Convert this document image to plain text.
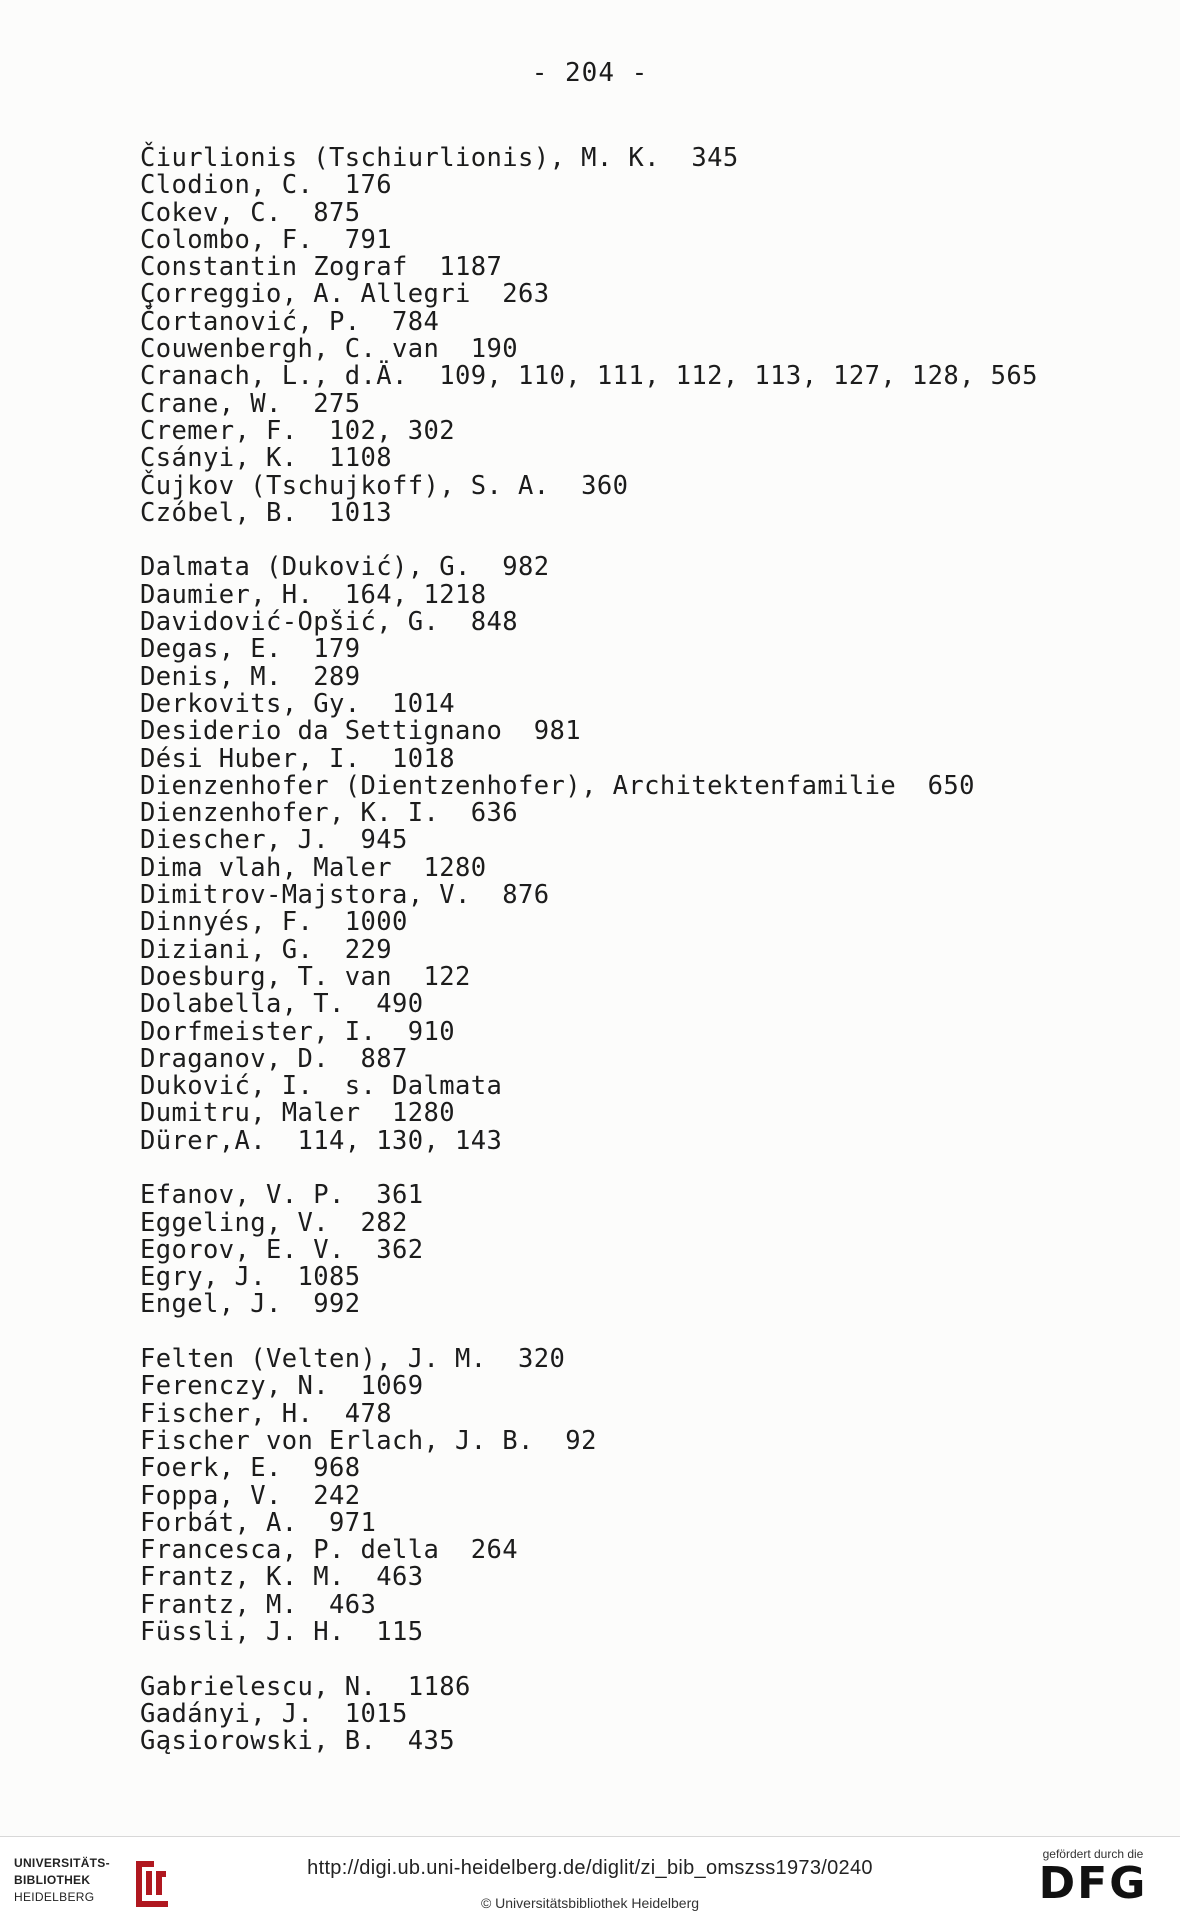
- 204 -
Čiurlionis (Tschiurlionis), M. K.  345
Clodion, C.  176
Cokev, C.  875
Colombo, F.  791
Constantin Zograf  1187
Çorreggio, A. Allegri  263
Čortanović, P.  784
Couwenbergh, C. van  190
Cranach, L., d.Ä.  109, 110, 111, 112, 113, 127, 128, 565
Crane, W.  275
Cremer, F.  102, 302
Csányi, K.  1108
Čujkov (Tschujkoff), S. A.  360
Czóbel, B.  1013
Dalmata (Duković), G.  982
Daumier, H.  164, 1218
Davidović-Opšić, G.  848
Degas, E.  179
Denis, M.  289
Derkovits, Gy.  1014
Desiderio da Settignano  981
Dési Huber, I.  1018
Dienzenhofer (Dientzenhofer), Architektenfamilie  650
Dienzenhofer, K. I.  636
Diescher, J.  945
Dima vlah, Maler  1280
Dimitrov-Majstora, V.  876
Dinnyés, F.  1000
Diziani, G.  229
Doesburg, T. van  122
Dolabella, T.  490
Dorfmeister, I.  910
Draganov, D.  887
Duković, I.  s. Dalmata
Dumitru, Maler  1280
Dürer,A.  114, 130, 143
Efanov, V. P.  361
Eggeling, V.  282
Egorov, E. V.  362
Egry, J.  1085
Engel, J.  992
Felten (Velten), J. M.  320
Ferenczy, N.  1069
Fischer, H.  478
Fischer von Erlach, J. B.  92
Foerk, E.  968
Foppa, V.  242
Forbát, A.  971
Francesca, P. della  264
Frantz, K. M.  463
Frantz, M.  463
Füssli, J. H.  115
Gabrielescu, N.  1186
Gadányi, J.  1015
Gąsiorowski, B.  435
UNIVERSITÄTS-
BIBLIOTHEK
HEIDELBERG
http://digi.ub.uni-heidelberg.de/diglit/zi_bib_omszss1973/0240
© Universitätsbibliothek Heidelberg
gefördert durch die
DFG
